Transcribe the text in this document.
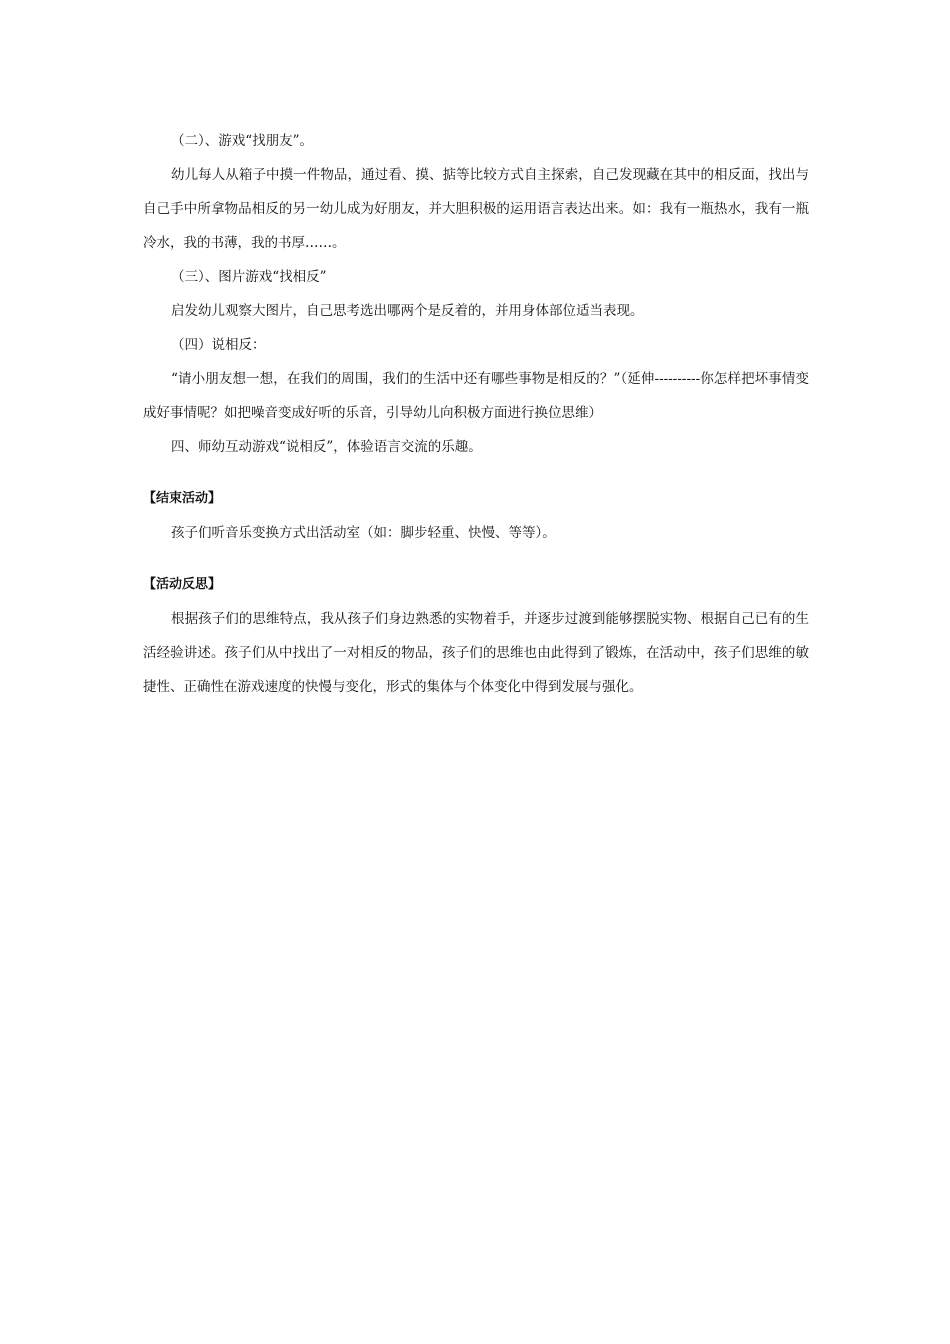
（二）、游戏“找朋友”。

幼儿每人从箱子中摸一件物品，通过看、摸、掂等比较方式自主探索，自己发现藏在其中的相反面，找出与自己手中所拿物品相反的另一幼儿成为好朋友，并大胆积极的运用语言表达出来。如：我有一瓶热水，我有一瓶冷水，我的书薄，我的书厚……。

（三）、图片游戏“找相反”

启发幼儿观察大图片，自己思考选出哪两个是反着的，并用身体部位适当表现。

（四）说相反：

“请小朋友想一想，在我们的周围，我们的生活中还有哪些事物是相反的？”（延伸----------你怎样把坏事情变成好事情呢？如把噪音变成好听的乐音，引导幼儿向积极方面进行换位思维）

四、师幼互动游戏“说相反”，体验语言交流的乐趣。

【结束活动】

孩子们听音乐变换方式出活动室（如：脚步轻重、快慢、等等）。

【活动反思】

根据孩子们的思维特点，我从孩子们身边熟悉的实物着手，并逐步过渡到能够摆脱实物、根据自己已有的生活经验讲述。孩子们从中找出了一对相反的物品，孩子们的思维也由此得到了锻炼，在活动中，孩子们思维的敏捷性、正确性在游戏速度的快慢与变化，形式的集体与个体变化中得到发展与强化。
